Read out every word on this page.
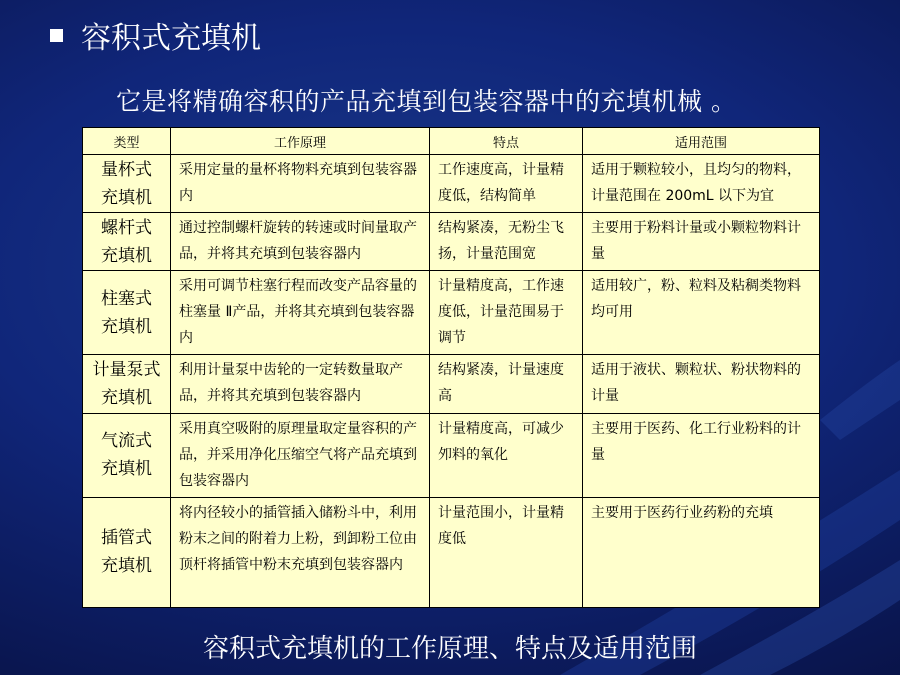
容积式充填机
它是将精确容积的产品充填到包装容器中的充填机械 。
类型	工作原理	特点	适用范围

量杯式
充填机	采用定量的量杯将物料充填到包装容器内	工作速度高，计量精度低，结构简单	适用于颗粒较小，且均匀的物料，计量范围在 200mL 以下为宜

螺杆式
充填机	通过控制螺杆旋转的转速或时间量取产品，并将其充填到包装容器内	结构紧凑，无粉尘飞扬，计量范围宽	主要用于粉料计量或小颗粒物料计量

柱塞式
充填机	采用可调节柱塞行程而改变产品容量的柱塞量 Ⅱ产品，并将其充填到包装容器内	计量精度高，工作速度低，计量范围易于调节	适用较广，粉、粒料及粘稠类物料均可用

计量泵式
充填机	利用计量泵中齿轮的一定转数量取产品，并将其充填到包装容器内	结构紧凑，计量速度高	适用于液状、颗粒状、粉状物料的计量

气流式
充填机	采用真空吸附的原理量取定量容积的产品，并采用净化压缩空气将产品充填到包装容器内	计量精度高，可减少 夘料的氧化	主要用于医药、化工行业粉料的计量

插管式
充填机	将内径较小的插管插入储粉斗中，利用粉末之间的附着力上粉，到卸粉工位由顶杆将插管中粉末充填到包装容器内	计量范围小，计量精度低	主要用于医药行业药粉的充填
容积式充填机的工作原理、特点及适用范围
